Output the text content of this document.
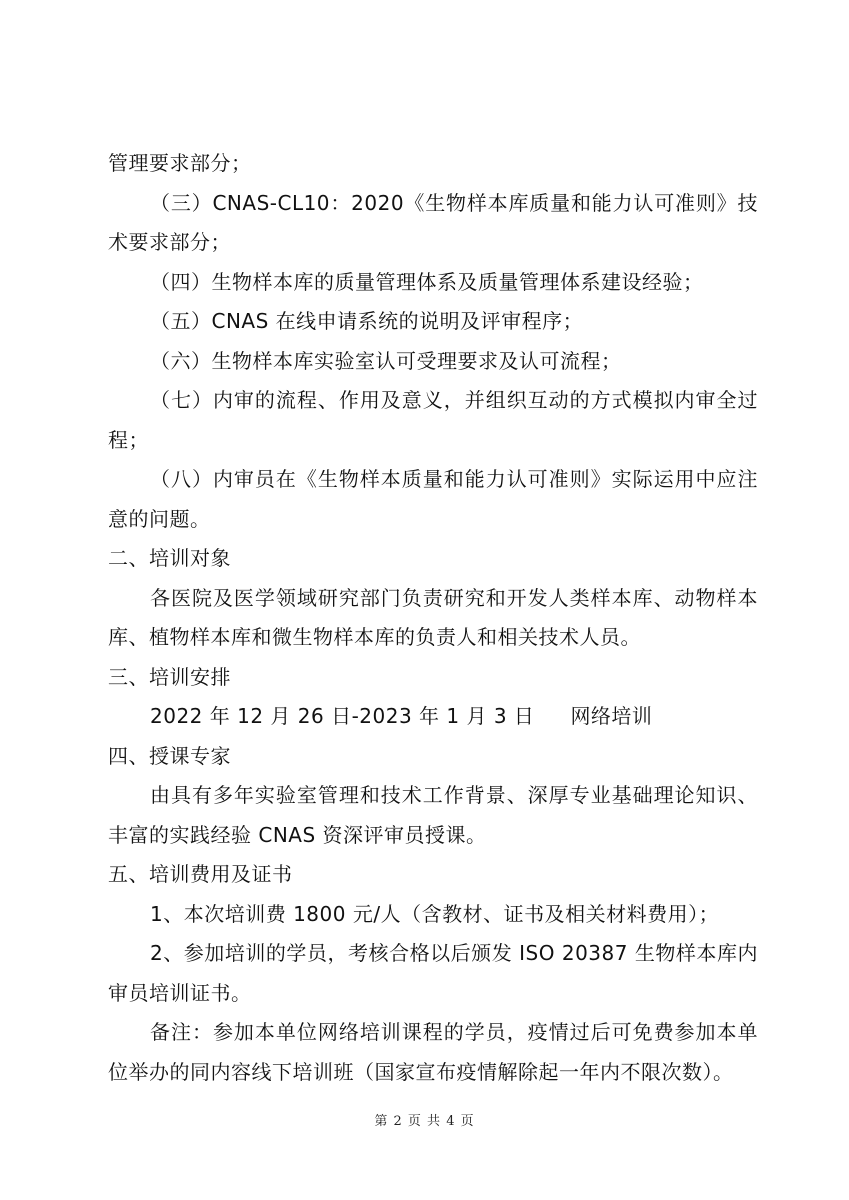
管理要求部分；

（三）CNAS-CL10：2020《生物样本库质量和能力认可准则》技术要求部分；

（四）生物样本库的质量管理体系及质量管理体系建设经验；

（五）CNAS 在线申请系统的说明及评审程序；

（六）生物样本库实验室认可受理要求及认可流程；

（七）内审的流程、作用及意义，并组织互动的方式模拟内审全过程；

（八）内审员在《生物样本质量和能力认可准则》实际运用中应注意的问题。

二、培训对象

各医院及医学领域研究部门负责研究和开发人类样本库、动物样本库、植物样本库和微生物样本库的负责人和相关技术人员。

三、培训安排

2022 年 12 月 26 日-2023 年 1 月 3 日 网络培训

四、授课专家

由具有多年实验室管理和技术工作背景、深厚专业基础理论知识、丰富的实践经验 CNAS 资深评审员授课。

五、培训费用及证书

1、本次培训费 1800 元/人（含教材、证书及相关材料费用）；

2、参加培训的学员，考核合格以后颁发 ISO 20387 生物样本库内审员培训证书。

备注：参加本单位网络培训课程的学员，疫情过后可免费参加本单位举办的同内容线下培训班（国家宣布疫情解除起一年内不限次数）。

第 2 页 共 4 页
